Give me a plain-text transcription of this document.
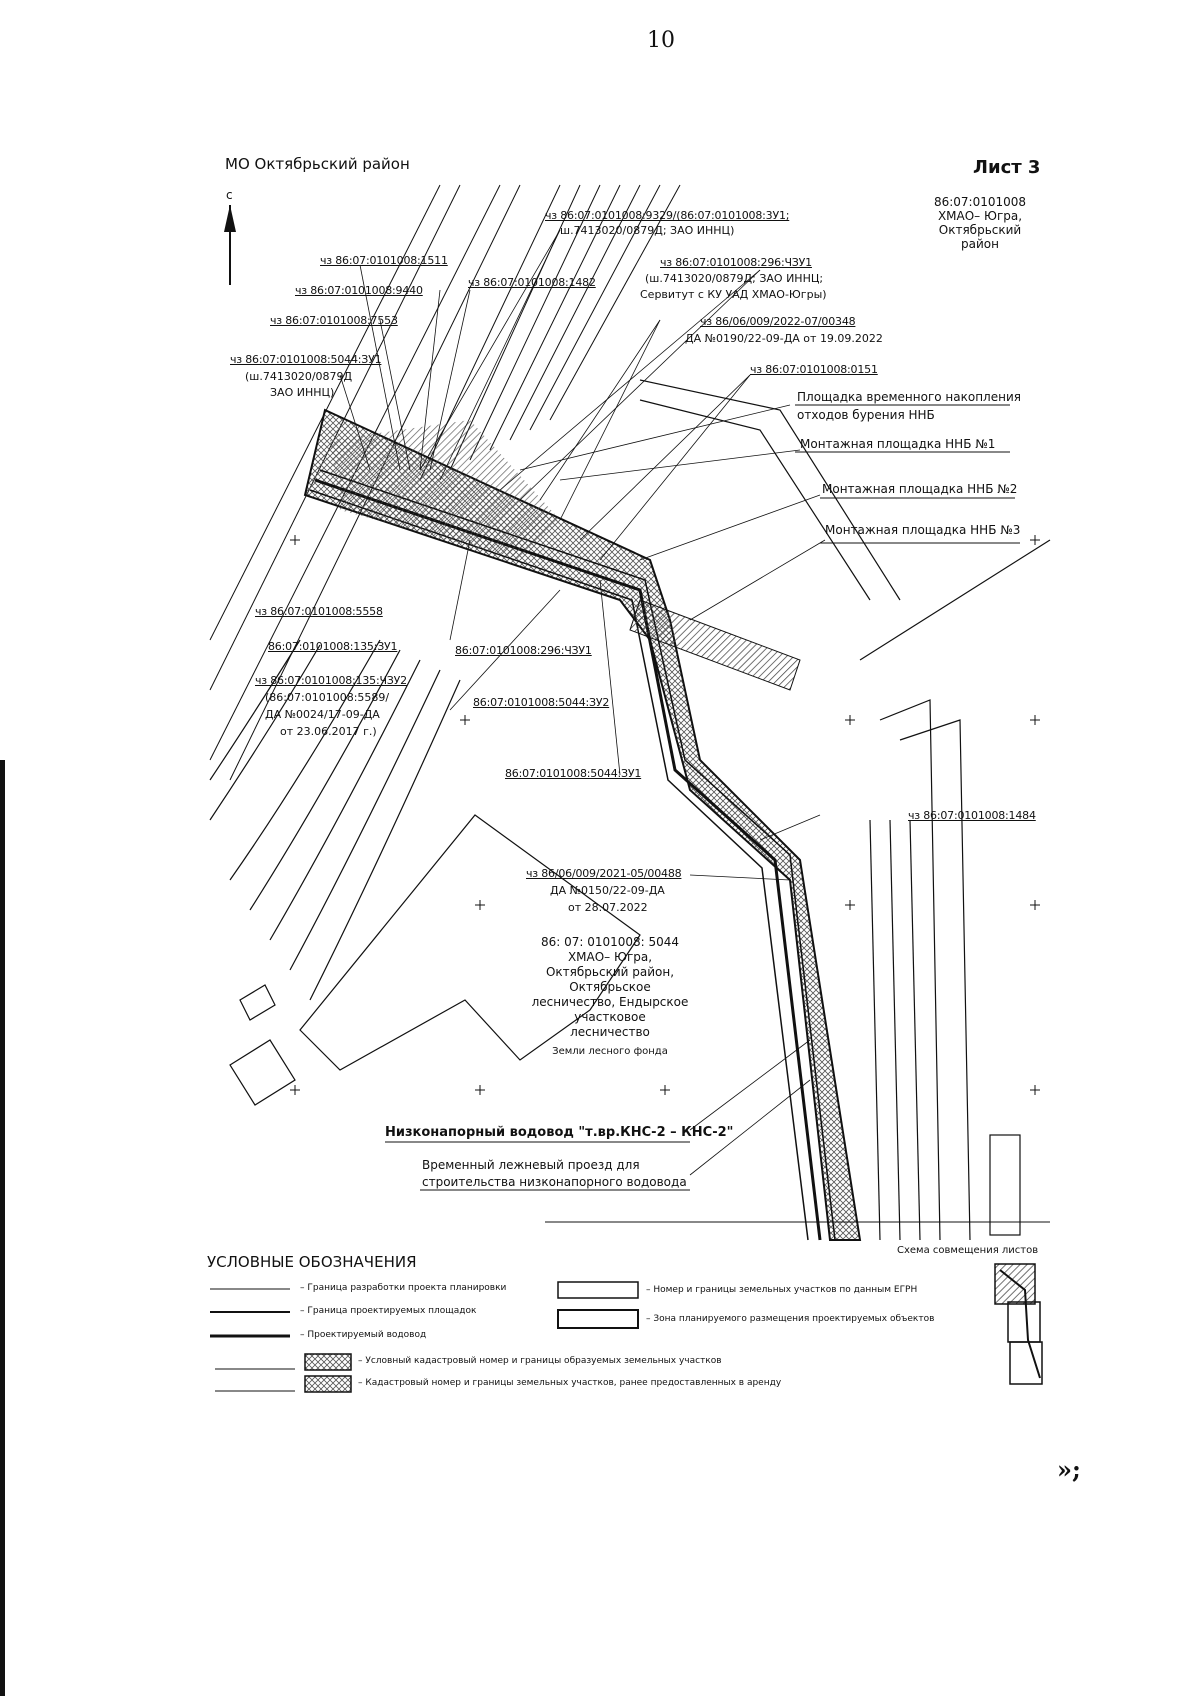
10
МО Октябрьский район	Лист 3
с	86:07:0101008
ХМАО– Югра,
Октябрьский
район
чз 86:07:0101008:9329/(86:07:0101008:3У1;
ш.7413020/0879Д; ЗАО ИННЦ)
чз 86:07:0101008:1511	чз 86:07:0101008:296:ЧЗУ1
(ш.7413020/0879Д; ЗАО ИННЦ;
Сервитут с КУ УАД ХМАО-Югры)
чз 86:07:0101008:9440
чз 86:07:0101008:1482
чз 86:07:0101008:7553	чз 86/06/009/2022-07/00348
ДА №0190/22-09-ДА от 19.09.2022
чз 86:07:0101008:5044:ЗУ1
(ш.7413020/0879Д
ЗАО ИННЦ)
чз 86:07:0101008:0151
Площадка временного накопления
отходов бурения ННБ
Монтажная площадка ННБ №1
Монтажная площадка ННБ №2
Монтажная площадка ННБ №3
чз 86:07:0101008:5558
86:07:0101008:135:ЗУ1	86:07:0101008:296:ЧЗУ1
чз 86:07:0101008:135:ЧЗУ2
(86:07:0101008:5589/
ДА №0024/17-09-ДА
от 23.06.2017 г.)
86:07:0101008:5044:ЗУ2
86:07:0101008:5044:ЗУ1
чз 86:07:0101008:1484
чз 86/06/009/2021-05/00488
ДА №0150/22-09-ДА
от 28.07.2022
86: 07: 0101008: 5044
ХМАО– Югра,
Октябрьский район,
Октябрьское
лесничество, Ендырское
участковое
лесничество
Земли лесного фонда
Низконапорный водовод "т.вр.КНС-2 – КНС-2"
Временный лежневый проезд для
строительства низконапорного водовода
УСЛОВНЫЕ ОБОЗНАЧЕНИЯ
Схема совмещения листов
– Граница разработки проекта планировки
– Граница проектируемых площадок
– Проектируемый водовод
– Номер и границы земельных участков по данным ЕГРН
– Зона планируемого размещения проектируемых объектов
– Условный кадастровый номер и границы образуемых земельных участков
– Кадастровый номер и границы земельных участков, ранее предоставленных в аренду
»;
